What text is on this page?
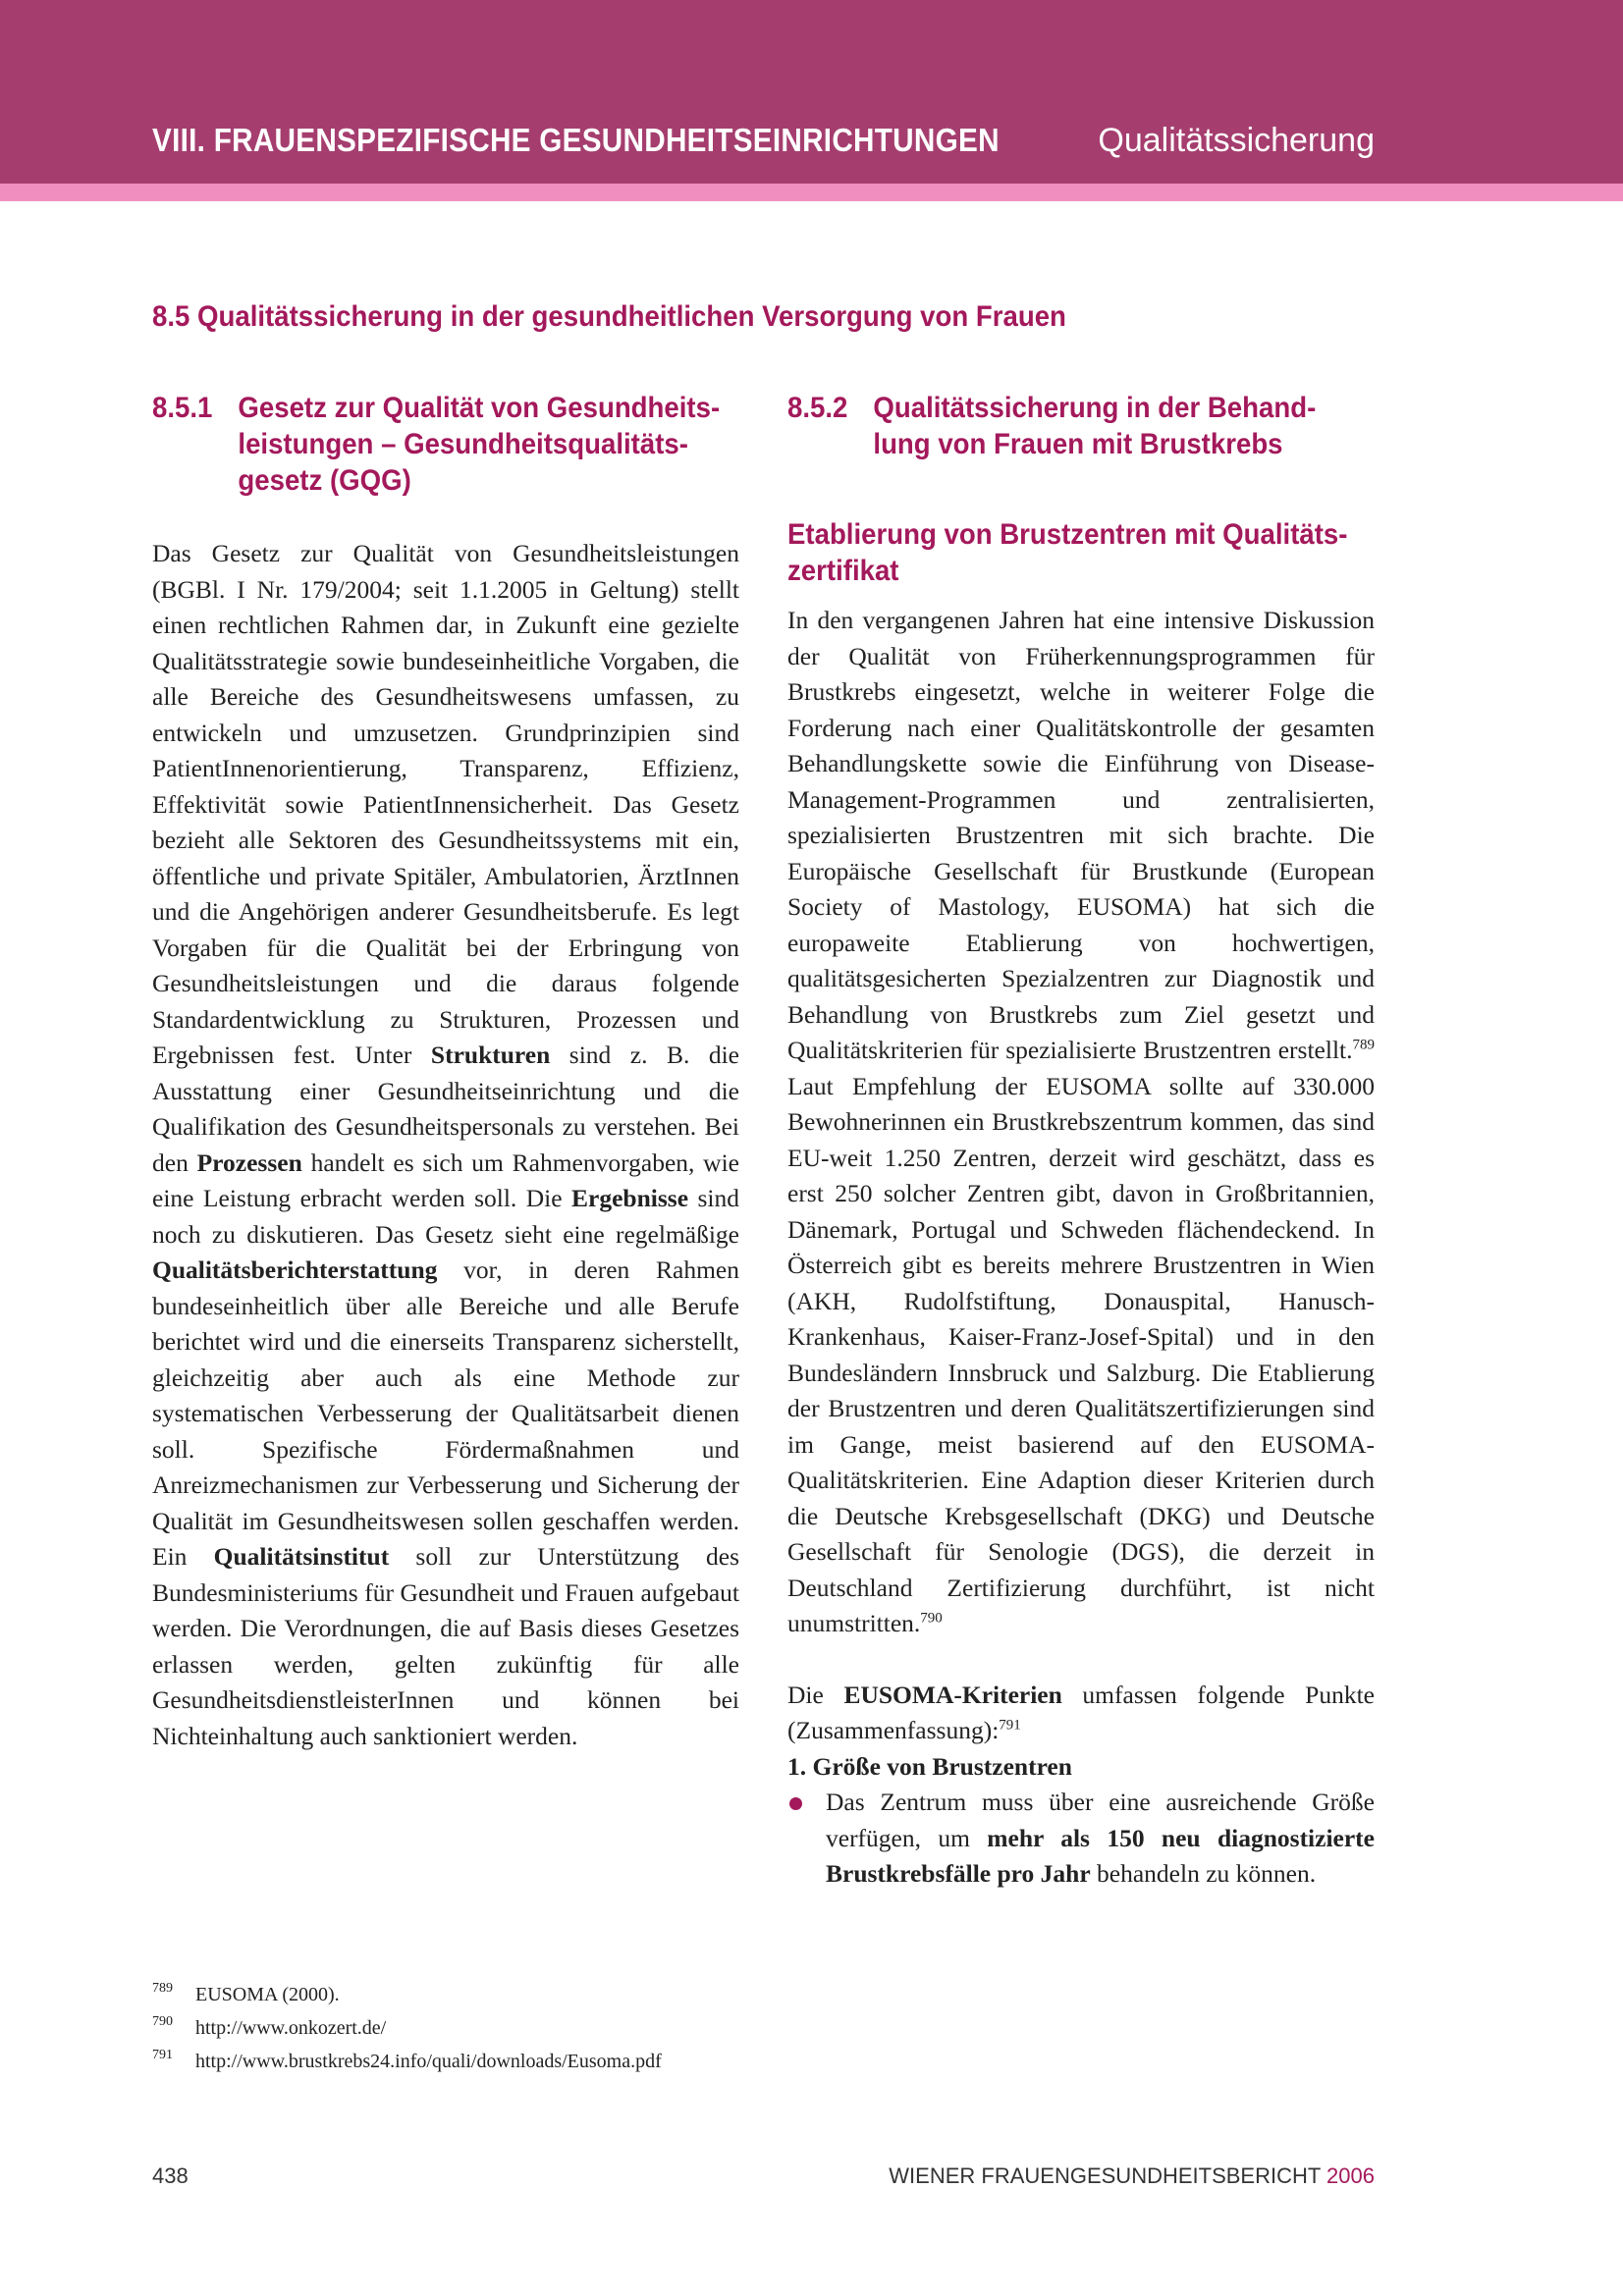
VIII. FRAUENSPEZIFISCHE GESUNDHEITSEINRICHTUNGEN	Qualitätssicherung
8.5 Qualitätssicherung in der gesundheitlichen Versorgung von Frauen
8.5.1 Gesetz zur Qualität von Gesundheits-
leistungen – Gesundheitsqualitäts-
gesetz (GQG)
8.5.2 Qualitätssicherung in der Behand-
lung von Frauen mit Brustkrebs
Etablierung von Brustzentren mit Qualitäts-
zertifikat

Das Gesetz zur Qualität von Gesundheitsleistungen (BGBl. I Nr. 179/2004; seit 1.1.2005 in Geltung) stellt einen rechtlichen Rahmen dar, in Zukunft eine gezielte Qualitätsstrategie sowie bundeseinheitliche Vorgaben, die alle Bereiche des Gesundheitswesens umfassen, zu entwickeln und umzusetzen. Grundprinzipien sind PatientInnenorientierung, Transparenz, Effizienz, Effektivität sowie PatientInnensicherheit. Das Gesetz bezieht alle Sektoren des Gesundheitssystems mit ein, öffentliche und private Spitäler, Ambulatorien, ÄrztInnen und die Angehörigen anderer Gesundheitsberufe. Es legt Vorgaben für die Qualität bei der Erbringung von Gesundheitsleistungen und die daraus folgende Standardentwicklung zu Strukturen, Prozessen und Ergebnissen fest. Unter Strukturen sind z. B. die Ausstattung einer Gesundheitseinrichtung und die Qualifikation des Gesundheitspersonals zu verstehen. Bei den Prozessen handelt es sich um Rahmenvorgaben, wie eine Leistung erbracht werden soll. Die Ergebnisse sind noch zu diskutieren. Das Gesetz sieht eine regelmäßige Qualitätsberichterstattung vor, in deren Rahmen bundeseinheitlich über alle Bereiche und alle Berufe berichtet wird und die einerseits Transparenz sicherstellt, gleichzeitig aber auch als eine Methode zur systematischen Verbesserung der Qualitätsarbeit dienen soll. Spezifische Fördermaßnahmen und Anreizmechanismen zur Verbesserung und Sicherung der Qualität im Gesundheitswesen sollen geschaffen werden. Ein Qualitätsinstitut soll zur Unterstützung des Bundesministeriums für Gesundheit und Frauen aufgebaut werden. Die Verordnungen, die auf Basis dieses Gesetzes erlassen werden, gelten zukünftig für alle GesundheitsdienstleisterInnen und können bei Nichteinhaltung auch sanktioniert werden.

In den vergangenen Jahren hat eine intensive Diskussion der Qualität von Früherkennungsprogrammen für Brustkrebs eingesetzt, welche in weiterer Folge die Forderung nach einer Qualitätskontrolle der gesamten Behandlungskette sowie die Einführung von Disease-Management-Programmen und zentralisierten, spezialisierten Brustzentren mit sich brachte. Die Europäische Gesellschaft für Brustkunde (European Society of Mastology, EUSOMA) hat sich die europaweite Etablierung von hochwertigen, qualitätsgesicherten Spezialzentren zur Diagnostik und Behandlung von Brustkrebs zum Ziel gesetzt und Qualitätskriterien für spezialisierte Brustzentren erstellt.$^{789}$ Laut Empfehlung der EUSOMA sollte auf 330.000 Bewohnerinnen ein Brustkrebszentrum kommen, das sind EU-weit 1.250 Zentren, derzeit wird geschätzt, dass es erst 250 solcher Zentren gibt, davon in Großbritannien, Dänemark, Portugal und Schweden flächendeckend. In Österreich gibt es bereits mehrere Brustzentren in Wien (AKH, Rudolfstiftung, Donauspital, Hanusch-Krankenhaus, Kaiser-Franz-Josef-Spital) und in den Bundesländern Innsbruck und Salzburg. Die Etablierung der Brustzentren und deren Qualitätszertifizierungen sind im Gange, meist basierend auf den EUSOMA-Qualitätskriterien. Eine Adaption dieser Kriterien durch die Deutsche Krebsgesellschaft (DKG) und Deutsche Gesellschaft für Senologie (DGS), die derzeit in Deutschland Zertifizierung durchführt, ist nicht unumstritten.$^{790}$

Die EUSOMA-Kriterien umfassen folgende Punkte (Zusammenfassung):$^{791}$

1. Größe von Brustzentren

Das Zentrum muss über eine ausreichende Größe verfügen, um mehr als 150 neu diagnostizierte Brustkrebsfälle pro Jahr behandeln zu können.

789	EUSOMA (2000).
790	http://www.onkozert.de/
791	http://www.brustkrebs24.info/quali/downloads/Eusoma.pdf
438	WIENER FRAUENGESUNDHEITSBERICHT 2006
